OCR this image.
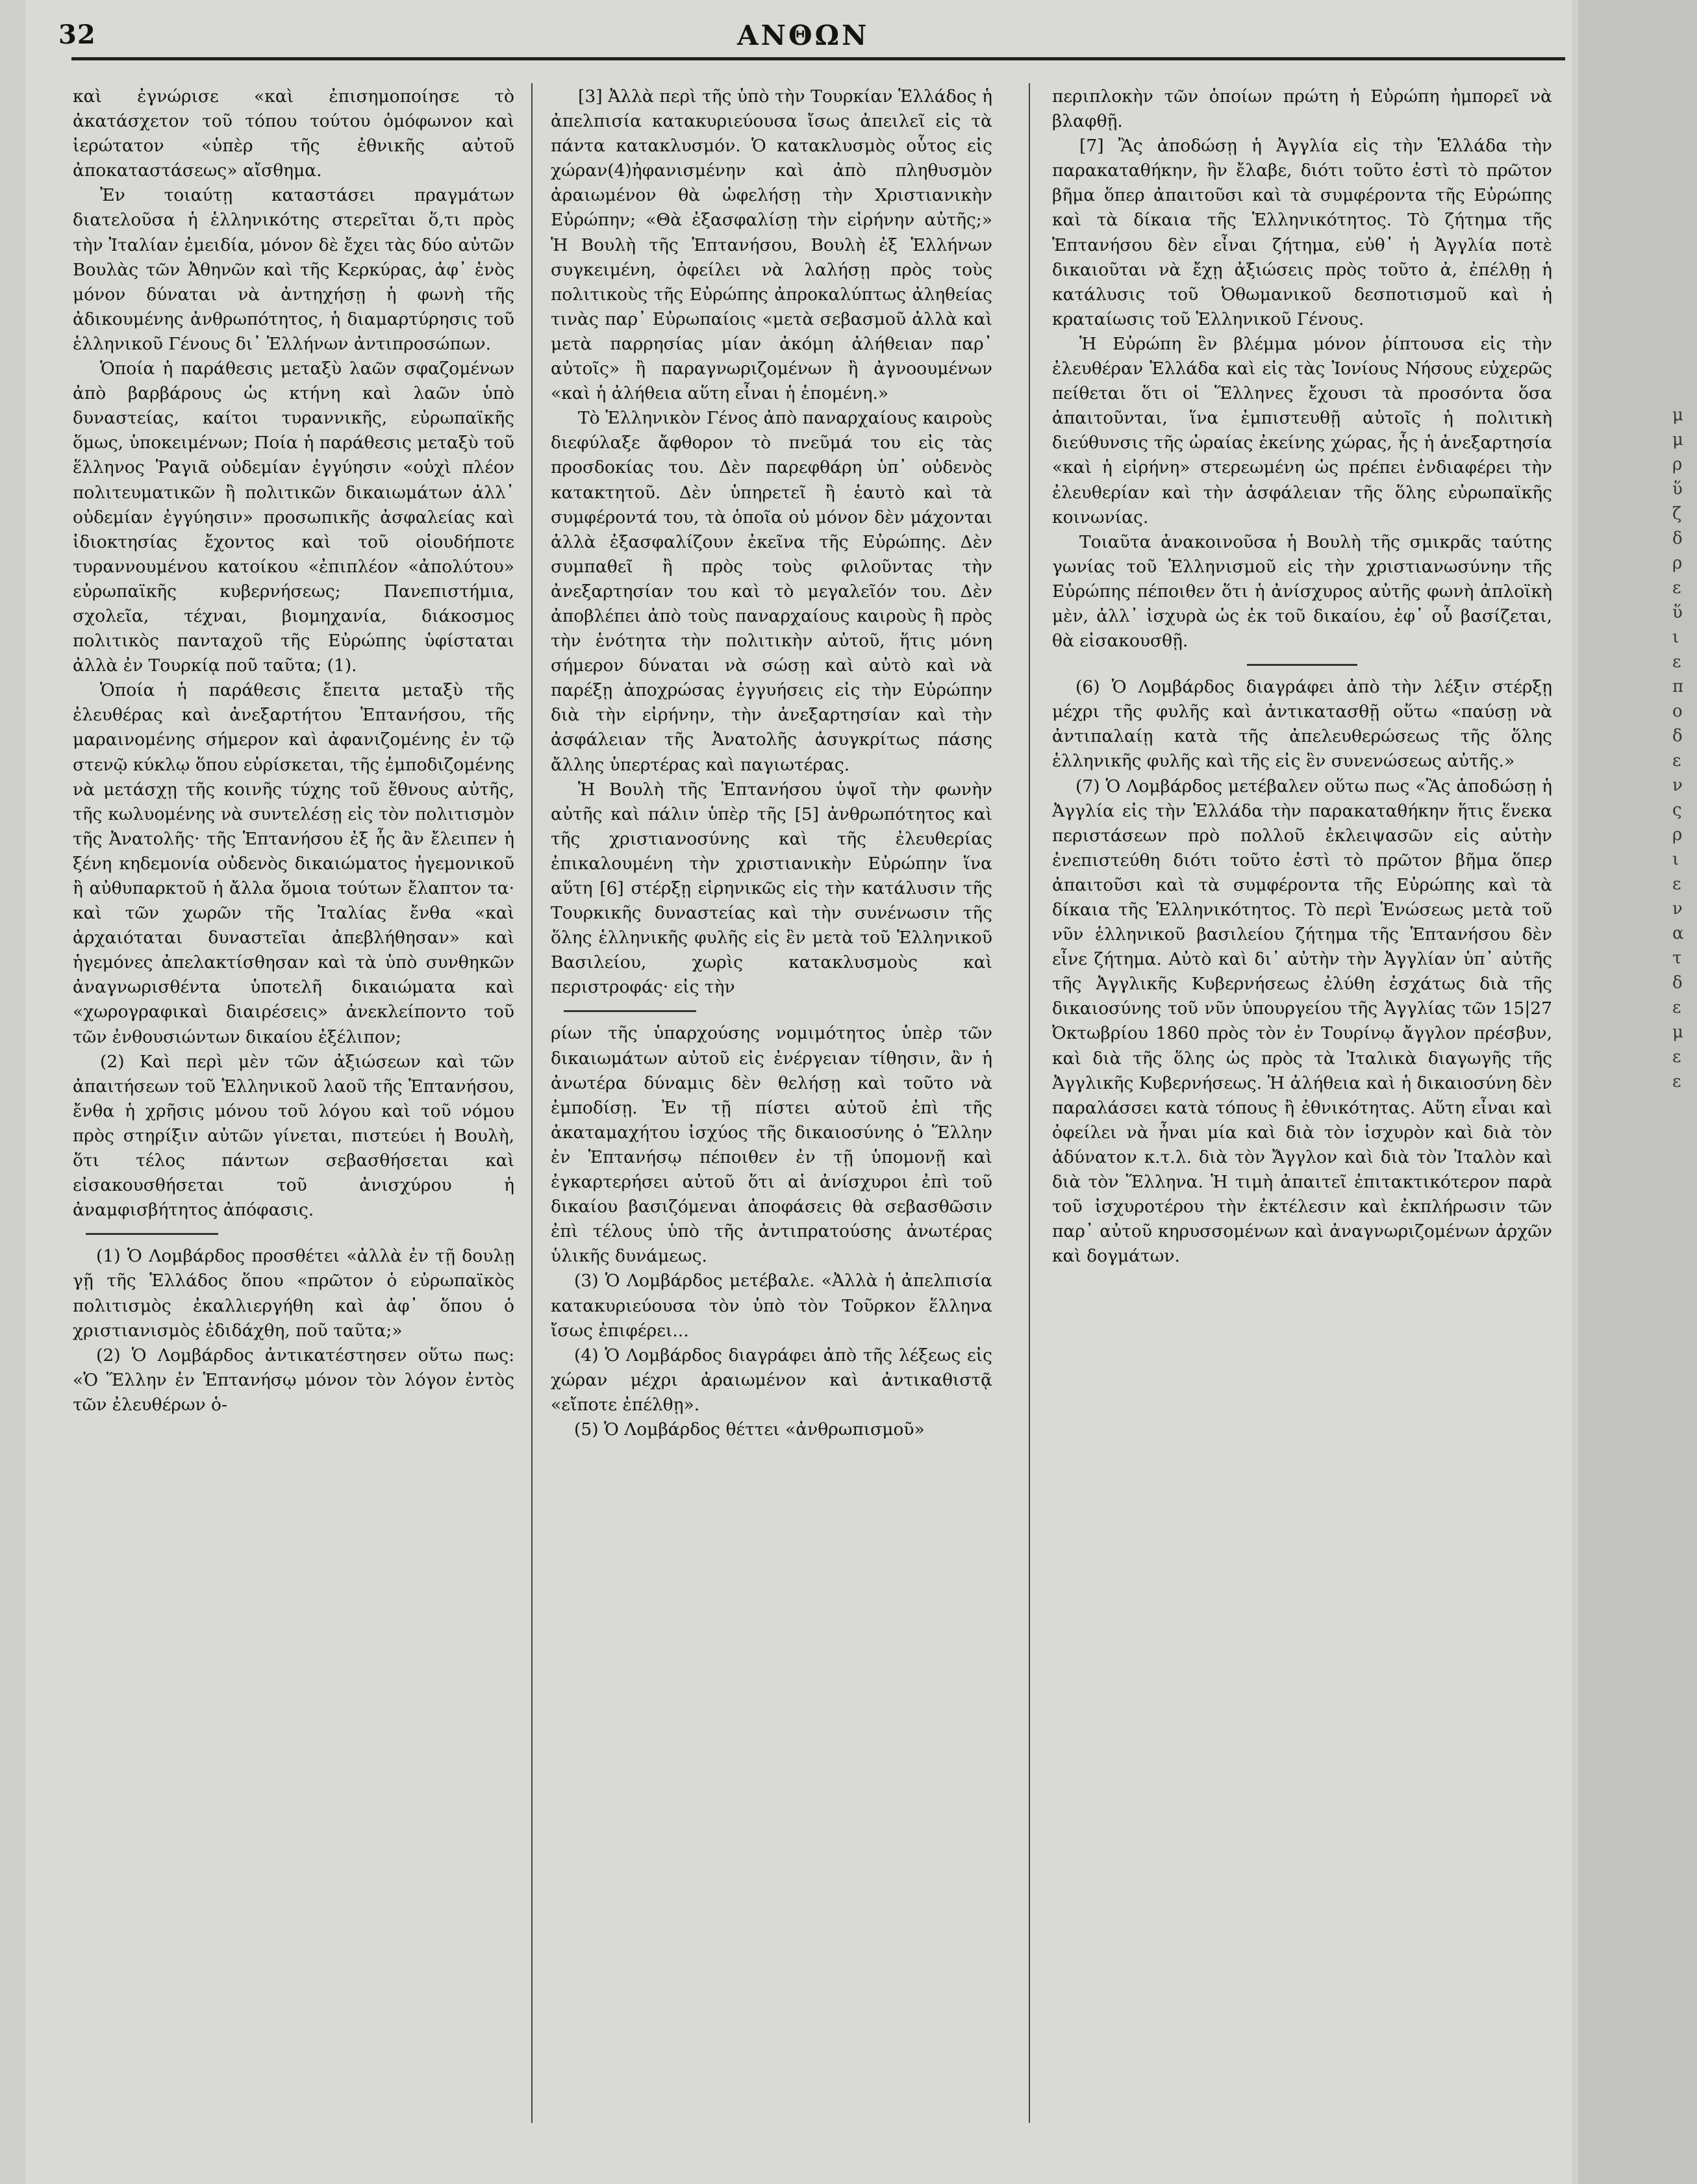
32	ΑΝΘΩΝ

καὶ ἐγνώρισε «καὶ ἐπισημοποίησε τὸ ἀκατάσχετον τοῦ τόπου τούτου ὁμόφωνον καὶ ἱερώτατον «ὑπὲρ τῆς ἐθνικῆς αὐτοῦ ἀποκαταστάσεως» αἴσθημα.

Ἐν τοιαύτῃ καταστάσει πραγμάτων διατελοῦσα ἡ ἑλληνικότης στερεῖται ὅ,τι πρὸς τὴν Ἰταλίαν ἐμειδία, μόνον δὲ ἔχει τὰς δύο αὐτῶν Βουλὰς τῶν Ἀθηνῶν καὶ τῆς Κερκύρας, ἀφ᾽ ἑνὸς μόνον δύναται νὰ ἀντηχήσῃ ἡ φωνὴ τῆς ἀδικουμένης ἀνθρωπότητος, ἡ διαμαρτύρησις τοῦ ἑλληνικοῦ Γένους δι᾽ Ἑλλήνων ἀντιπροσώπων.

Ὁποία ἡ παράθεσις μεταξὺ λαῶν σφαζομένων ἀπὸ βαρβάρους ὡς κτήνη καὶ λαῶν ὑπὸ δυναστείας, καίτοι τυραννικῆς, εὐρωπαϊκῆς ὅμως, ὑποκειμένων; Ποία ἡ παράθεσις μεταξὺ τοῦ ἕλληνος Ῥαγιᾶ οὐδεμίαν ἐγγύησιν «οὐχὶ πλέον πολιτευματικῶν ἢ πολιτικῶν δικαιωμάτων ἀλλ᾽ οὐδεμίαν ἐγγύησιν» προσωπικῆς ἀσφαλείας καὶ ἰδιοκτησίας ἔχοντος καὶ τοῦ οἱουδήποτε τυραννουμένου κατοίκου «ἐπιπλέον «ἀπολύτου» εὐρωπαϊκῆς κυβερνήσεως; Πανεπιστήμια, σχολεῖα, τέχναι, βιομηχανία, διάκοσμος πολιτικὸς πανταχοῦ τῆς Εὐρώπης ὑφίσταται ἀλλὰ ἐν Τουρκίᾳ ποῦ ταῦτα; (1).

Ὁποία ἡ παράθεσις ἔπειτα μεταξὺ τῆς ἐλευθέρας καὶ ἀνεξαρτήτου Ἑπτανήσου, τῆς μαραινομένης σήμερον καὶ ἀφανιζομένης ἐν τῷ στενῷ κύκλῳ ὅπου εὑρίσκεται, τῆς ἐμποδιζομένης νὰ μετάσχῃ τῆς κοινῆς τύχης τοῦ ἔθνους αὐτῆς, τῆς κωλυομένης νὰ συντελέσῃ εἰς τὸν πολιτισμὸν τῆς Ἀνατολῆς· τῆς Ἑπτανήσου ἐξ ἧς ἂν ἔλειπεν ἡ ξένη κηδεμονία οὐδενὸς δικαιώματος ἡγεμονικοῦ ἢ αὐθυπαρκτοῦ ἡ ἄλλα ὅμοια τούτων ἔλαπτον τα· καὶ τῶν χωρῶν τῆς Ἰταλίας ἔνθα «καὶ ἀρχαιόταται δυναστεῖαι ἀπεβλήθησαν» καὶ ἡγεμόνες ἀπελακτίσθησαν καὶ τὰ ὑπὸ συνθηκῶν ἀναγνωρισθέντα ὑποτελῆ δικαιώματα καὶ «χωρογραφικαὶ διαιρέσεις» ἀνεκλείποντο τοῦ τῶν ἐνθουσιώντων δικαίου ἐξέλιπον;

(2) Καὶ περὶ μὲν τῶν ἀξιώσεων καὶ τῶν ἀπαιτήσεων τοῦ Ἑλληνικοῦ λαοῦ τῆς Ἑπτανήσου, ἔνθα ἡ χρῆσις μόνου τοῦ λόγου καὶ τοῦ νόμου πρὸς στηρίξιν αὐτῶν γίνεται, πιστεύει ἡ Βουλὴ, ὅτι τέλος πάντων σεβασθήσεται καὶ εἰσακουσθήσεται τοῦ ἀνισχύρου ἡ ἀναμφισβήτητος ἀπόφασις.

(1) Ὁ Λομβάρδος προσθέτει «ἀλλὰ ἐν τῇ δουλῃ γῇ τῆς Ἑλλάδος ὅπου «πρῶτον ὁ εὐρωπαϊκὸς πολιτισμὸς ἐκαλλιεργήθη καὶ ἀφ᾽ ὅπου ὁ χριστιανισμὸς ἐδιδάχθη, ποῦ ταῦτα;»

(2) Ὁ Λομβάρδος ἀντικατέστησεν οὕτω πως: «Ὁ Ἕλλην ἐν Ἑπτανήσῳ μόνον τὸν λόγον ἐντὸς τῶν ἐλευθέρων ὁ-

[3] Ἀλλὰ περὶ τῆς ὑπὸ τὴν Τουρκίαν Ἑλλάδος ἡ ἀπελπισία κατακυριεύουσα ἴσως ἀπειλεῖ εἰς τὰ πάντα κατακλυσμόν. Ὁ κατακλυσμὸς οὗτος εἰς χώραν(4)ἠφανισμένην καὶ ἀπὸ πληθυσμὸν ἀραιωμένον θὰ ὠφελήσῃ τὴν Χριστιανικὴν Εὐρώπην; «Θὰ ἐξασφαλίσῃ τὴν εἰρήνην αὐτῆς;» Ἡ Βουλὴ τῆς Ἑπτανήσου, Βουλὴ ἐξ Ἑλλήνων συγκειμένη, ὀφείλει νὰ λαλήσῃ πρὸς τοὺς πολιτικοὺς τῆς Εὐρώπης ἀπροκαλύπτως ἀληθείας τινὰς παρ᾽ Εὐρωπαίοις «μετὰ σεβασμοῦ ἀλλὰ καὶ μετὰ παρρησίας μίαν ἀκόμη ἀλήθειαν παρ᾽ αὐτοῖς» ἢ παραγνωριζομένων ἢ ἀγνοουμένων «καὶ ἡ ἀλήθεια αὕτη εἶναι ἡ ἑπομένη.»

Τὸ Ἑλληνικὸν Γένος ἀπὸ παναρχαίους καιροὺς διεφύλαξε ἄφθορον τὸ πνεῦμά του εἰς τὰς προσδοκίας του. Δὲν παρεφθάρη ὑπ᾽ οὐδενὸς κατακτητοῦ. Δὲν ὑπηρετεῖ ἢ ἑαυτὸ καὶ τὰ συμφέροντά του, τὰ ὁποῖα οὐ μόνον δὲν μάχονται ἀλλὰ ἐξασφαλίζουν ἐκεῖνα τῆς Εὐρώπης. Δὲν συμπαθεῖ ἢ πρὸς τοὺς φιλοῦντας τὴν ἀνεξαρτησίαν του καὶ τὸ μεγαλεῖόν του. Δὲν ἀποβλέπει ἀπὸ τοὺς παναρχαίους καιροὺς ἢ πρὸς τὴν ἑνότητα τὴν πολιτικὴν αὐτοῦ, ἥτις μόνη σήμερον δύναται νὰ σώσῃ καὶ αὐτὸ καὶ νὰ παρέξῃ ἀποχρώσας ἐγγυήσεις εἰς τὴν Εὐρώπην διὰ τὴν εἰρήνην, τὴν ἀνεξαρτησίαν καὶ τὴν ἀσφάλειαν τῆς Ἀνατολῆς ἀσυγκρίτως πάσης ἄλλης ὑπερτέρας καὶ παγιωτέρας.

Ἡ Βουλὴ τῆς Ἑπτανήσου ὑψοῖ τὴν φωνὴν αὐτῆς καὶ πάλιν ὑπὲρ τῆς [5] ἀνθρωπότητος καὶ τῆς χριστιανοσύνης καὶ τῆς ἐλευθερίας ἐπικαλουμένη τὴν χριστιανικὴν Εὐρώπην ἵνα αὕτη [6] στέρξῃ εἰρηνικῶς εἰς τὴν κατάλυσιν τῆς Τουρκικῆς δυναστείας καὶ τὴν συνένωσιν τῆς ὅλης ἑλληνικῆς φυλῆς εἰς ἓν μετὰ τοῦ Ἑλληνικοῦ Βασιλείου, χωρὶς κατακλυσμοὺς καὶ περιστροφάς· εἰς τὴν

ρίων τῆς ὑπαρχούσης νομιμότητος ὑπὲρ τῶν δικαιωμάτων αὐτοῦ εἰς ἐνέργειαν τίθησιν, ἂν ἡ ἀνωτέρα δύναμις δὲν θελήσῃ καὶ τοῦτο νὰ ἐμποδίσῃ. Ἐν τῇ πίστει αὐτοῦ ἐπὶ τῆς ἀκαταμαχήτου ἰσχύος τῆς δικαιοσύνης ὁ Ἕλλην ἐν Ἑπτανήσῳ πέποιθεν ἐν τῇ ὑπομονῇ καὶ ἐγκαρτερήσει αὐτοῦ ὅτι αἱ ἀνίσχυροι ἐπὶ τοῦ δικαίου βασιζόμεναι ἀποφάσεις θὰ σεβασθῶσιν ἐπὶ τέλους ὑπὸ τῆς ἀντιπρατούσης ἀνωτέρας ὑλικῆς δυνάμεως.

(3) Ὁ Λομβάρδος μετέβαλε. «Ἀλλὰ ἡ ἀπελπισία κατακυριεύουσα τὸν ὑπὸ τὸν Τοῦρκον ἕλληνα ἴσως ἐπιφέρει...

(4) Ὁ Λομβάρδος διαγράφει ἀπὸ τῆς λέξεως εἰς χώραν μέχρι ἀραιωμένον καὶ ἀντικαθιστᾷ «εἴποτε ἐπέλθῃ».

(5) Ὁ Λομβάρδος θέττει «ἀνθρωπισμοῦ»

περιπλοκὴν τῶν ὁποίων πρώτη ἡ Εὐρώπη ἠμπορεῖ νὰ βλαφθῇ.

[7] Ἂς ἀποδώσῃ ἡ Ἀγγλία εἰς τὴν Ἑλλάδα τὴν παρακαταθήκην, ἣν ἔλαβε, διότι τοῦτο ἐστὶ τὸ πρῶτον βῆμα ὅπερ ἀπαιτοῦσι καὶ τὰ συμφέροντα τῆς Εὐρώπης καὶ τὰ δίκαια τῆς Ἑλληνικότητος. Τὸ ζήτημα τῆς Ἑπτανήσου δὲν εἶναι ζήτημα, εὐθ᾽ ἡ Ἀγγλία ποτὲ δικαιοῦται νὰ ἔχῃ ἀξιώσεις πρὸς τοῦτο ἀ, ἐπέλθῃ ἡ κατάλυσις τοῦ Ὀθωμανικοῦ δεσποτισμοῦ καὶ ἡ κραταίωσις τοῦ Ἑλληνικοῦ Γένους.

Ἡ Εὐρώπη ἓν βλέμμα μόνον ῥίπτουσα εἰς τὴν ἐλευθέραν Ἑλλάδα καὶ εἰς τὰς Ἰονίους Νήσους εὐχερῶς πείθεται ὅτι οἱ Ἕλληνες ἔχουσι τὰ προσόντα ὅσα ἀπαιτοῦνται, ἵνα ἐμπιστευθῇ αὐτοῖς ἡ πολιτικὴ διεύθυνσις τῆς ὡραίας ἐκείνης χώρας, ἧς ἡ ἀνεξαρτησία «καὶ ἡ εἰρήνη» στερεωμένη ὡς πρέπει ἐνδιαφέρει τὴν ἐλευθερίαν καὶ τὴν ἀσφάλειαν τῆς ὅλης εὐρωπαϊκῆς κοινωνίας.

Τοιαῦτα ἀνακοινοῦσα ἡ Βουλὴ τῆς σμικρᾶς ταύτης γωνίας τοῦ Ἑλληνισμοῦ εἰς τὴν χριστιανωσύνην τῆς Εὐρώπης πέποιθεν ὅτι ἡ ἀνίσχυρος αὐτῆς φωνὴ ἀπλοϊκὴ μὲν, ἀλλ᾽ ἰσχυρὰ ὡς ἐκ τοῦ δικαίου, ἐφ᾽ οὗ βασίζεται, θὰ εἰσακουσθῇ.

(6) Ὁ Λομβάρδος διαγράφει ἀπὸ τὴν λέξιν στέρξῃ μέχρι τῆς φυλῆς καὶ ἀντικατασθῇ οὕτω «παύσῃ νὰ ἀντιπαλαίῃ κατὰ τῆς ἀπελευθερώσεως τῆς ὅλης ἑλληνικῆς φυλῆς καὶ τῆς εἰς ἓν συνενώσεως αὐτῆς.»

(7) Ὁ Λομβάρδος μετέβαλεν οὕτω πως «Ἂς ἀποδώσῃ ἡ Ἀγγλία εἰς τὴν Ἑλλάδα τὴν παρακαταθήκην ἥτις ἕνεκα περιστάσεων πρὸ πολλοῦ ἐκλειψασῶν εἰς αὐτὴν ἐνεπιστεύθη διότι τοῦτο ἐστὶ τὸ πρῶτον βῆμα ὅπερ ἀπαιτοῦσι καὶ τὰ συμφέροντα τῆς Εὐρώπης καὶ τὰ δίκαια τῆς Ἑλληνικότητος. Τὸ περὶ Ἑνώσεως μετὰ τοῦ νῦν ἑλληνικοῦ βασιλείου ζήτημα τῆς Ἑπτανήσου δὲν εἶνε ζήτημα. Αὐτὸ καὶ δι᾽ αὐτὴν τὴν Ἀγγλίαν ὑπ᾽ αὐτῆς τῆς Ἀγγλικῆς Κυβερνήσεως ἐλύθη ἐσχάτως διὰ τῆς δικαιοσύνης τοῦ νῦν ὑπουργείου τῆς Ἀγγλίας τῶν 15|27 Ὀκτωβρίου 1860 πρὸς τὸν ἐν Τουρίνῳ ἄγγλον πρέσβυν, καὶ διὰ τῆς ὅλης ὡς πρὸς τὰ Ἰταλικὰ διαγωγῆς τῆς Ἀγγλικῆς Κυβερνήσεως. Ἡ ἀλήθεια καὶ ἡ δικαιοσύνη δὲν παραλάσσει κατὰ τόπους ἢ ἐθνικότητας. Αὕτη εἶναι καὶ ὀφείλει νὰ ἦναι μία καὶ διὰ τὸν ἰσχυρὸν καὶ διὰ τὸν ἀδύνατον κ.τ.λ. διὰ τὸν Ἄγγλον καὶ διὰ τὸν Ἰταλὸν καὶ διὰ τὸν Ἕλληνα. Ἡ τιμὴ ἀπαιτεῖ ἐπιτακτικότερον παρὰ τοῦ ἰσχυροτέρου τὴν ἐκτέλεσιν καὶ ἐκπλήρωσιν τῶν παρ᾽ αὐτοῦ κηρυσσομένων καὶ ἀναγνωριζομένων ἀρχῶν καὶ δογμάτων.

μ μ ρ ὕ ζ δ ρ ε ὕ ι ε π ο δ ε ν ς ρ ι ε ν α τ δ ε μ ε ε
